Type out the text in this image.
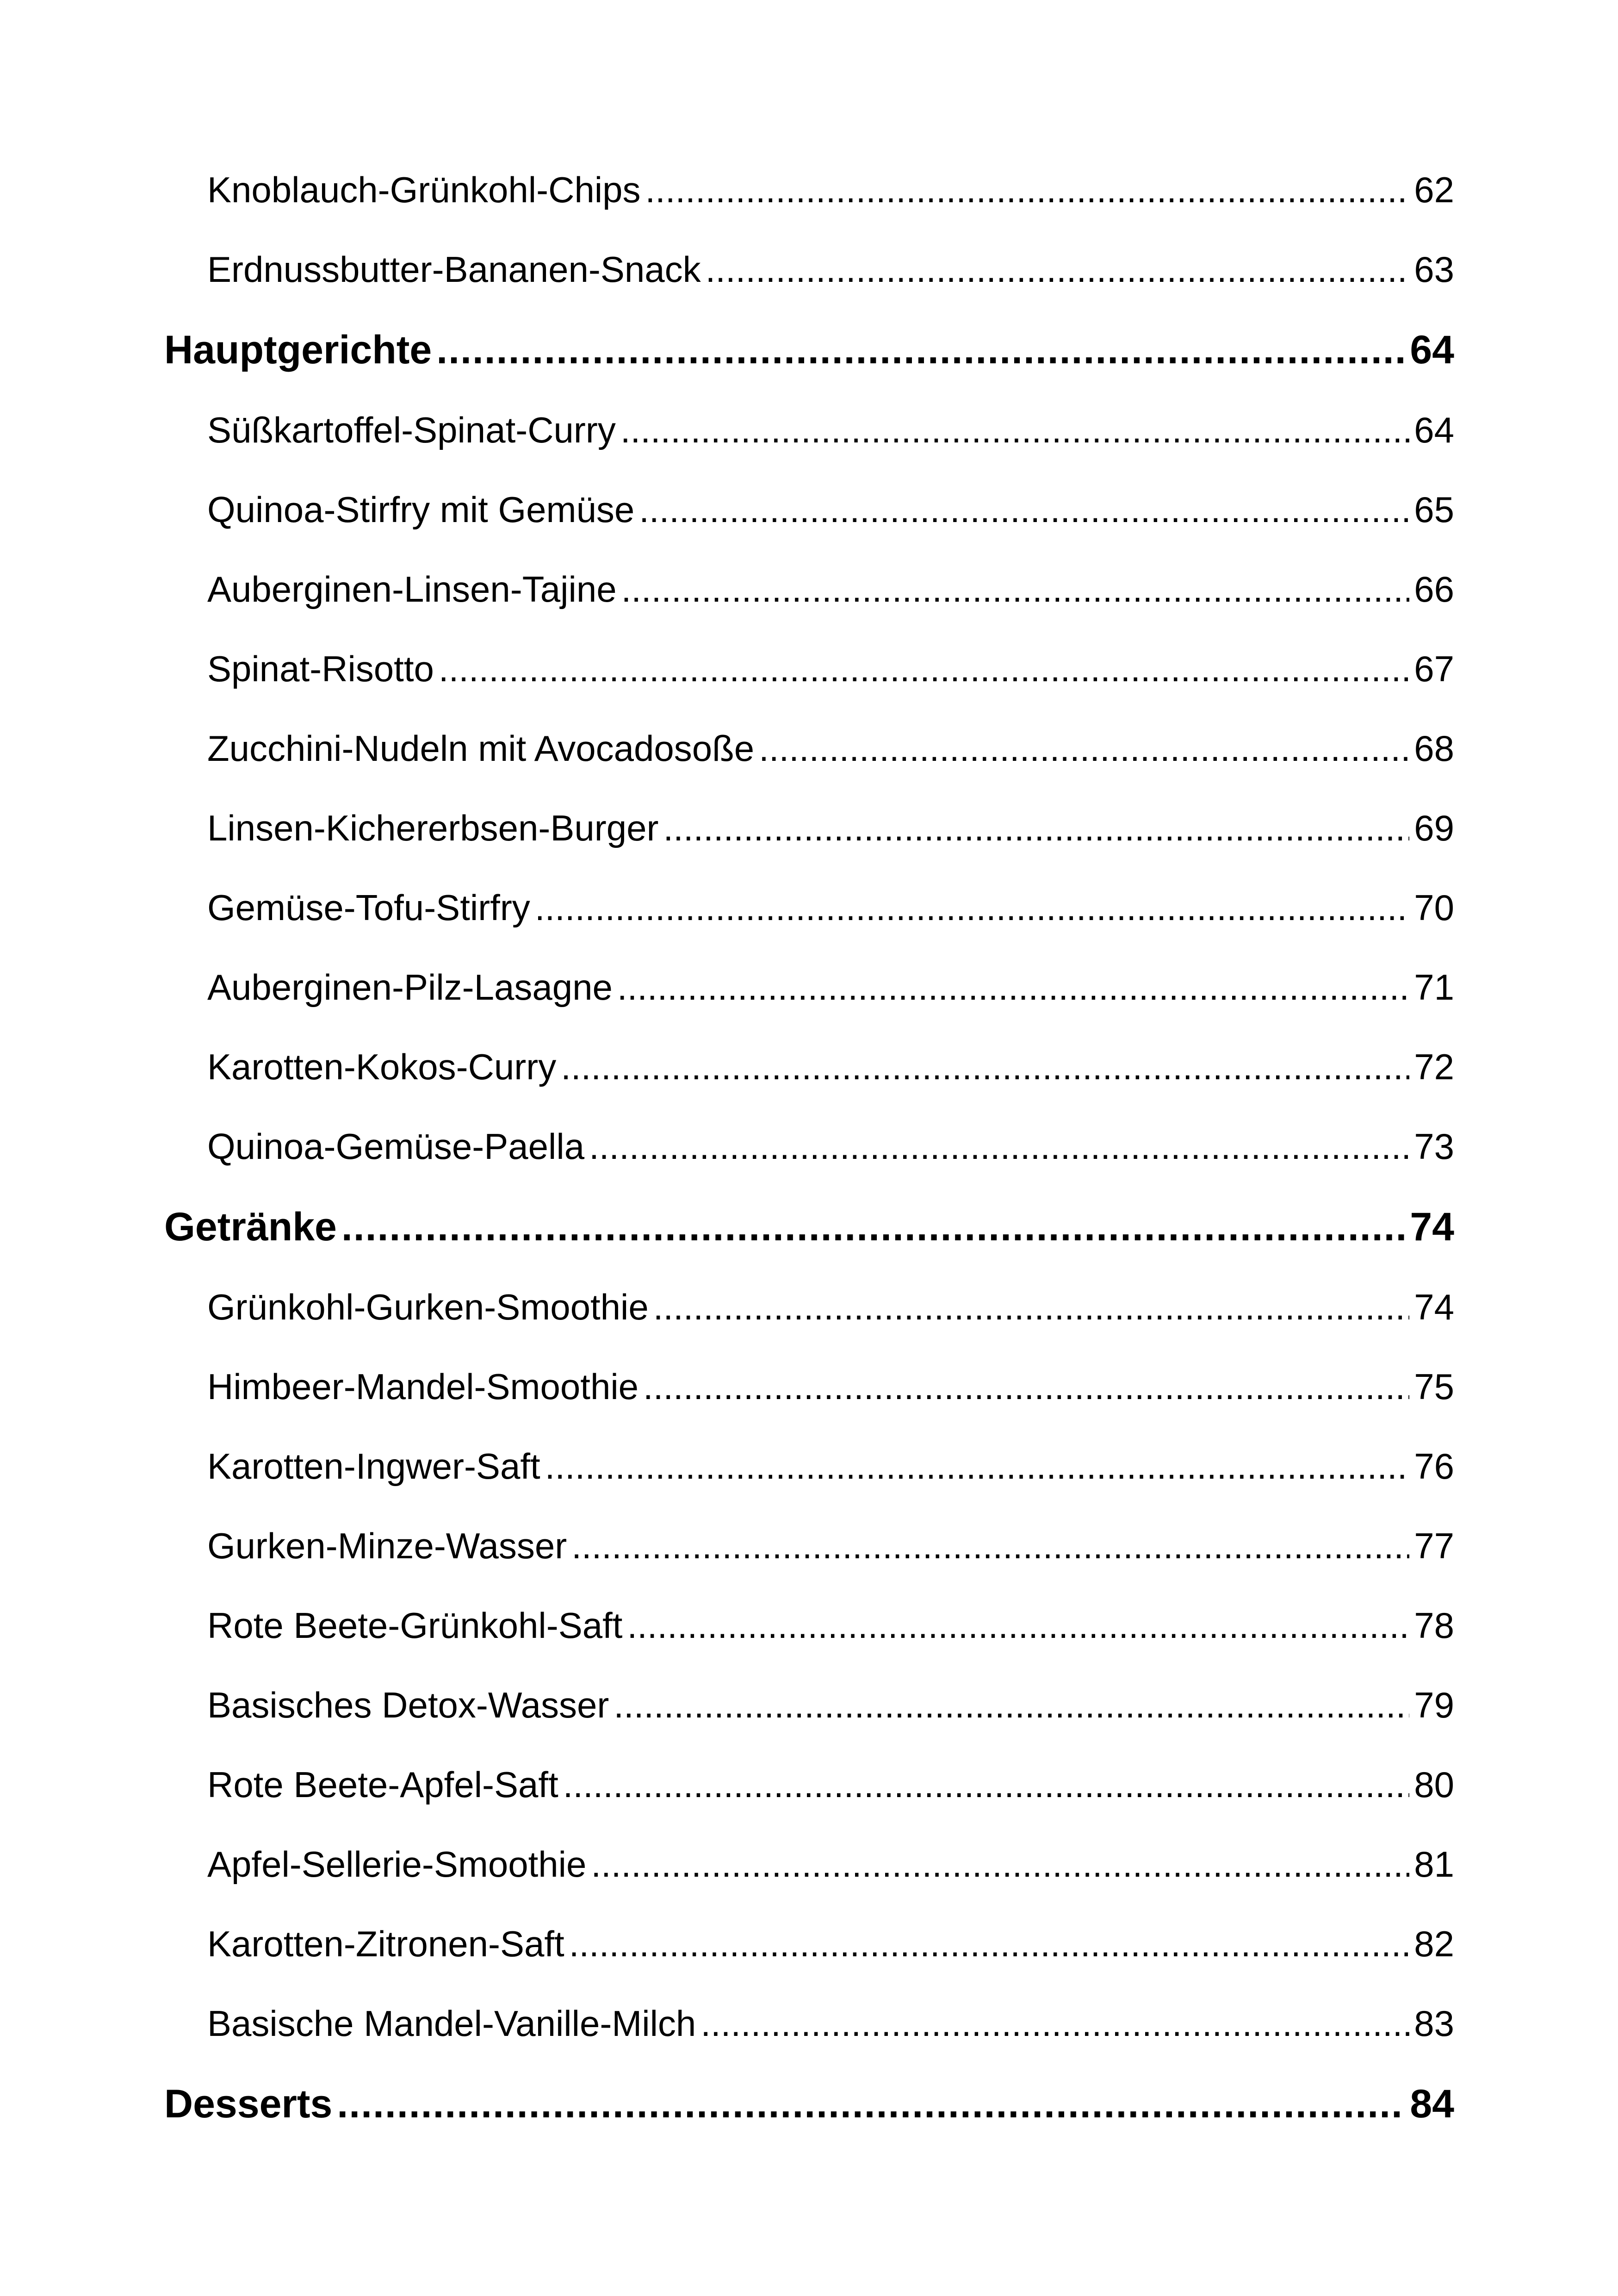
Knoblauch-Grünkohl-Chips .....	62
Erdnussbutter-Bananen-Snack .....	63
Hauptgerichte .....	64
Süßkartoffel-Spinat-Curry .....	64
Quinoa-Stirfry mit Gemüse .....	65
Auberginen-Linsen-Tajine .....	66
Spinat-Risotto .....	67
Zucchini-Nudeln mit Avocadosoße .....	68
Linsen-Kichererbsen-Burger .....	69
Gemüse-Tofu-Stirfry .....	70
Auberginen-Pilz-Lasagne .....	71
Karotten-Kokos-Curry .....	72
Quinoa-Gemüse-Paella .....	73
Getränke .....	74
Grünkohl-Gurken-Smoothie .....	74
Himbeer-Mandel-Smoothie .....	75
Karotten-Ingwer-Saft .....	76
Gurken-Minze-Wasser .....	77
Rote Beete-Grünkohl-Saft .....	78
Basisches Detox-Wasser .....	79
Rote Beete-Apfel-Saft .....	80
Apfel-Sellerie-Smoothie .....	81
Karotten-Zitronen-Saft .....	82
Basische Mandel-Vanille-Milch .....	83
Desserts .....	84
